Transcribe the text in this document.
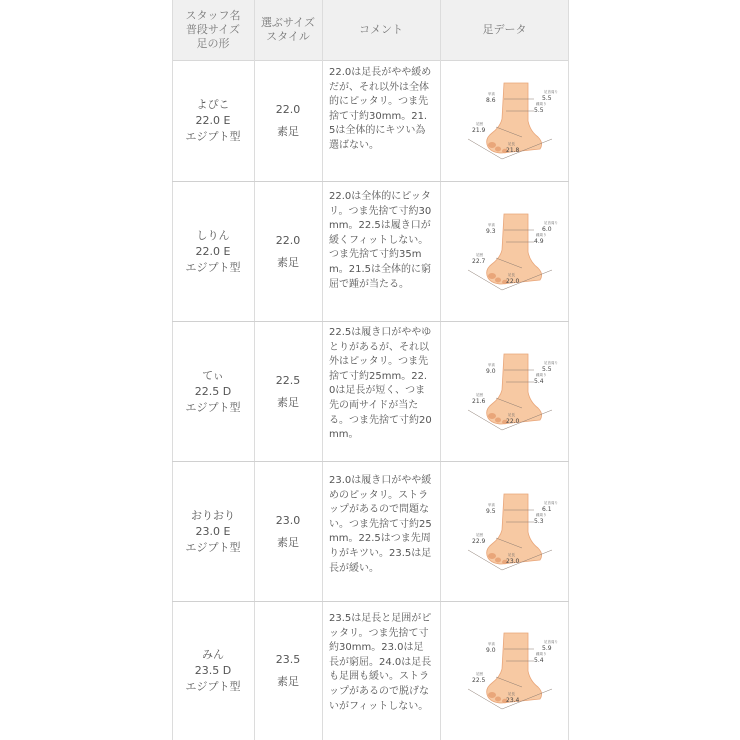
スタッフ名
普段サイズ
足の形
選ぶサイズ
スタイル
コメント	足データ
よぴこ
22.0 E
エジプト型
22.0
素足
22.0は足長がやや緩めだが、それ以外は全体的にピッタリ。つま先捨て寸約30mm。21.5は全体的にキツい為選ばない。
足首周り
5.5
踵周り
5.5
甲高
8.6
足囲
21.9
足長
21.8
しりん
22.0 E
エジプト型
22.0
素足
22.0は全体的にピッタリ。つま先捨て寸約30mm。22.5は履き口が緩くフィットしない。つま先捨て寸約35mm。21.5は全体的に窮屈で踵が当たる。
足首周り
6.0
踵周り
4.9
甲高
9.3
足囲
22.7
足長
22.0
てぃ
22.5 D
エジプト型
22.5
素足
22.5は履き口がややゆとりがあるが、それ以外はピッタリ。つま先捨て寸約25mm。22.0は足長が短く、つま先の両サイドが当たる。つま先捨て寸約20mm。
足首周り
5.5
踵周り
5.4
甲高
9.0
足囲
21.6
足長
22.0
おりおり
23.0 E
エジプト型
23.0
素足
23.0は履き口がやや緩めのピッタリ。ストラップがあるので問題ない。つま先捨て寸約25mm。22.5はつま先周りがキツい。23.5は足長が緩い。
足首周り
6.1
踵周り
5.3
甲高
9.5
足囲
22.9
足長
23.0
みん
23.5 D
エジプト型
23.5
素足
23.5は足長と足囲がピッタリ。つま先捨て寸約30mm。23.0は足長が窮屈。24.0は足長も足囲も緩い。ストラップがあるので脱げないがフィットしない。
足首周り
5.9
踵周り
5.4
甲高
9.0
足囲
22.5
足長
23.4
